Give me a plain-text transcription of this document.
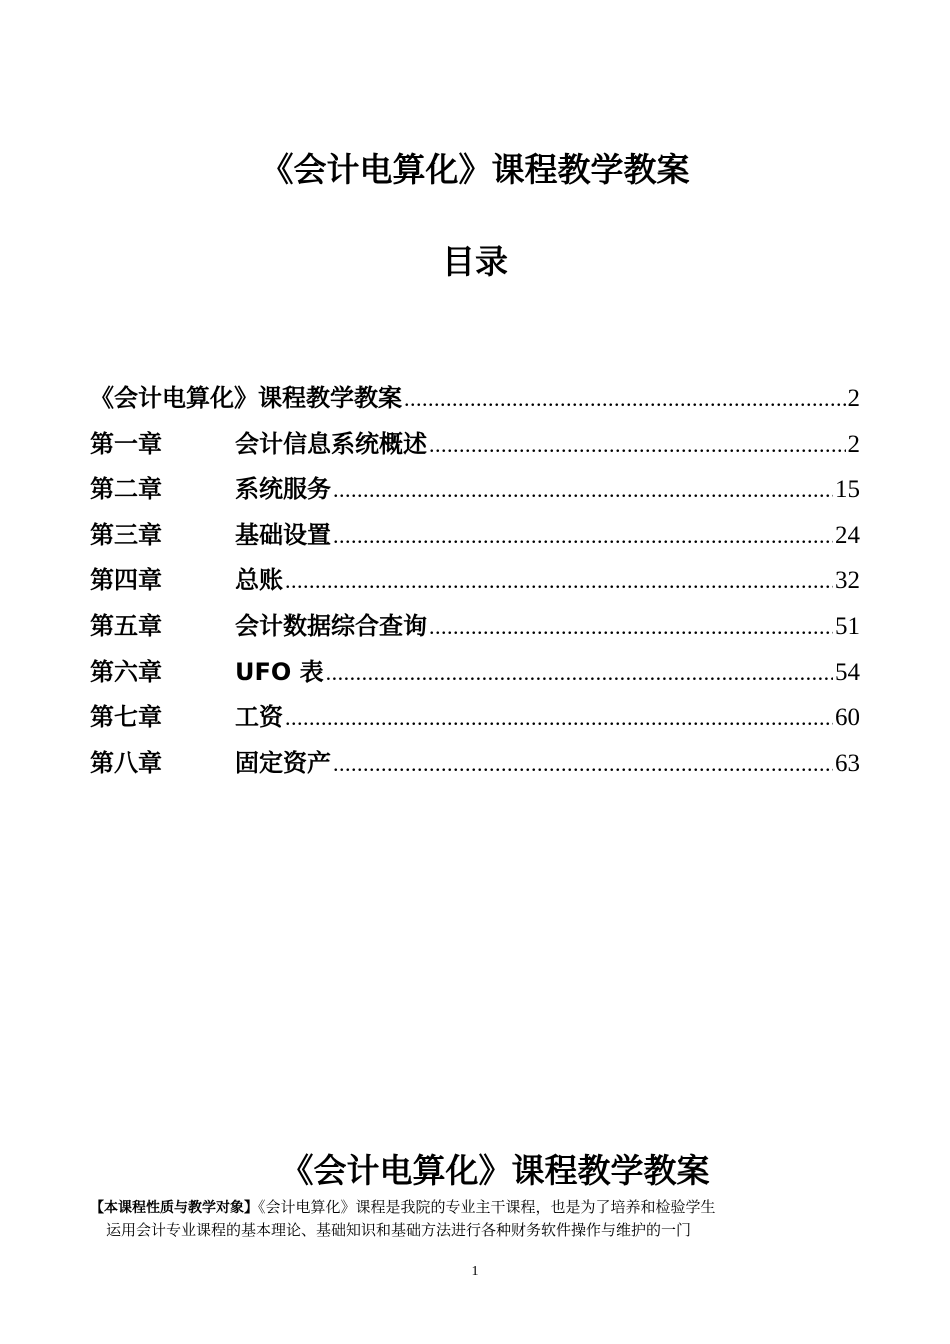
《会计电算化》课程教学教案
目录
《会计电算化》课程教学教案 .....	2
第一章	会计信息系统概述 .....	2
第二章	系统服务 .....	15
第三章	基础设置 .....	24
第四章	总账 .....	32
第五章	会计数据综合查询 .....	51
第六章	UFO 表 .....	54
第七章	工资 .....	60
第八章	固定资产 .....	63
《会计电算化》课程教学教案
【本课程性质与教学对象】《会计电算化》课程是我院的专业主干课程，也是为了培养和检验学生
运用会计专业课程的基本理论、基础知识和基础方法进行各种财务软件操作与维护的一门
1
